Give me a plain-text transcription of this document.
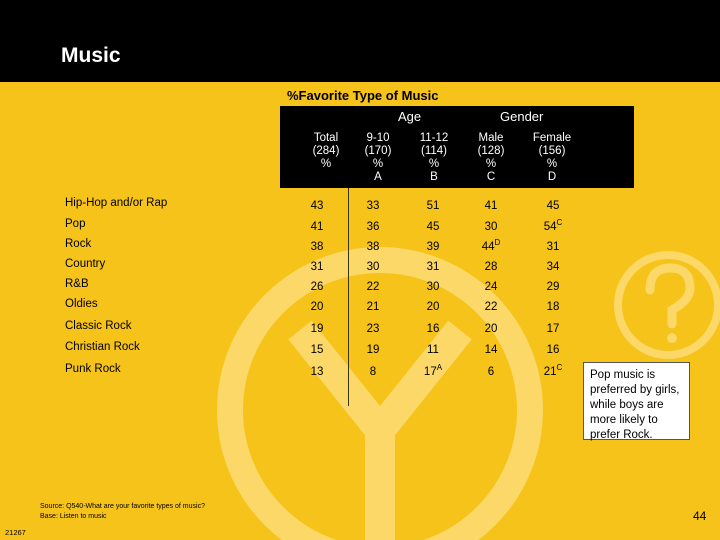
Music
%Favorite Type of Music
Age	Gender
Total
(284)
%
9-10
(170)
%
A
11-12
(114)
%
B
Male
(128)
%
C
Female
(156)
%
D
Hip-Hop and/or Rap	43	33	51	41	45
Pop	41	36	45	30	$54^C$
Rock	38	38	39	$44^D$	31
Country	31	30	31	28	34
R&B	26	22	30	24	29
Oldies	20	21	20	22	18
Classic Rock	19	23	16	20	17
Christian Rock	15	19	11	14	16
Punk Rock	13	8	$17^A$	6	$21^C$
Pop music is preferred by girls, while boys are more likely to prefer Rock.
Source: Q540-What are your favorite types of music?
Base: Listen to music
21267
44
